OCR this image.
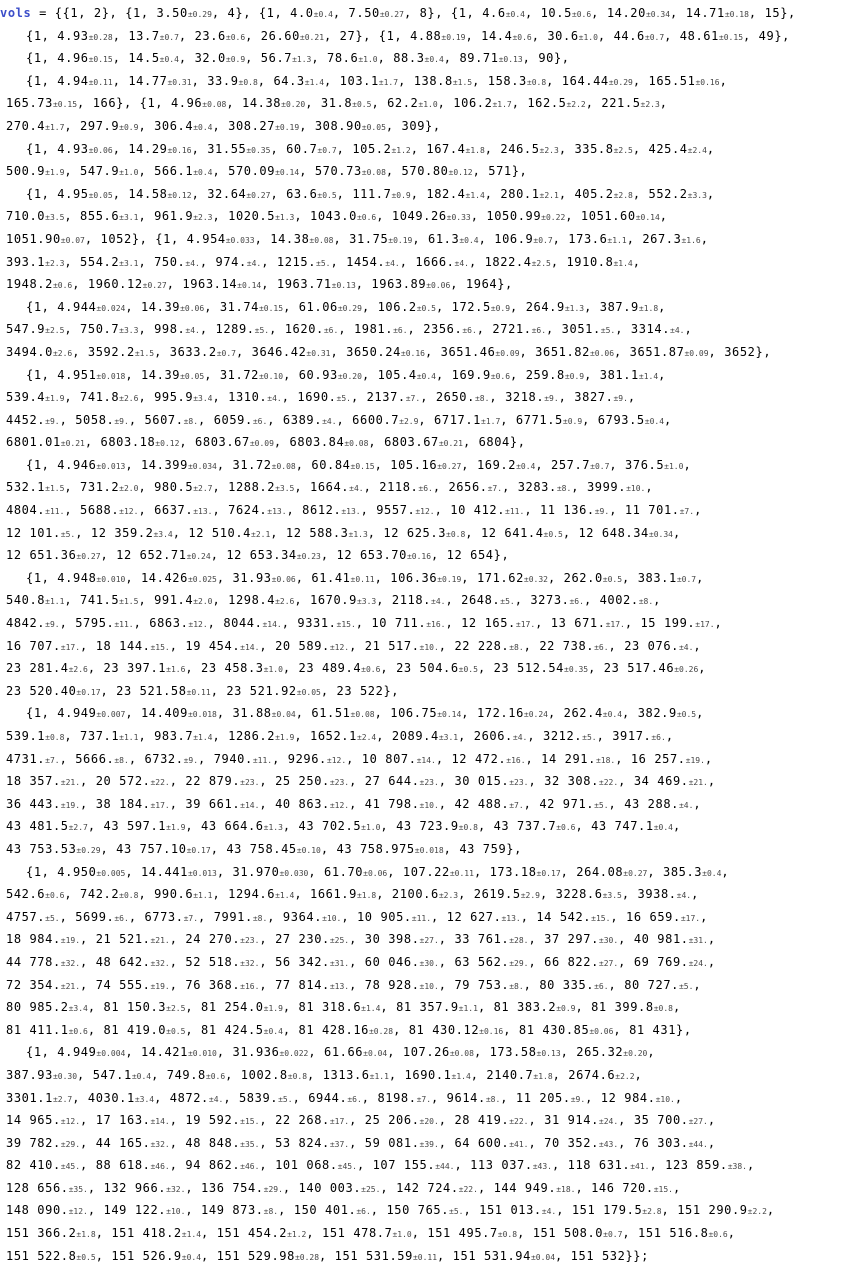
vols = {{1, 2}, {1, 3.50±0.29, 4}, {1, 4.0±0.4, 7.50±0.27, 8}, {1, 4.6±0.4, 10.5±0.6, 14.20±0.34, 14.71±0.18, 15},
{1, 4.93±0.28, 13.7±0.7, 23.6±0.6, 26.60±0.21, 27}, {1, 4.88±0.19, 14.4±0.6, 30.6±1.0, 44.6±0.7, 48.61±0.15, 49},
{1, 4.96±0.15, 14.5±0.4, 32.0±0.9, 56.7±1.3, 78.6±1.0, 88.3±0.4, 89.71±0.13, 90},
{1, 4.94±0.11, 14.77±0.31, 33.9±0.8, 64.3±1.4, 103.1±1.7, 138.8±1.5, 158.3±0.8, 164.44±0.29, 165.51±0.16,
165.73±0.15, 166}, {1, 4.96±0.08, 14.38±0.20, 31.8±0.5, 62.2±1.0, 106.2±1.7, 162.5±2.2, 221.5±2.3,
270.4±1.7, 297.9±0.9, 306.4±0.4, 308.27±0.19, 308.90±0.05, 309},
{1, 4.93±0.06, 14.29±0.16, 31.55±0.35, 60.7±0.7, 105.2±1.2, 167.4±1.8, 246.5±2.3, 335.8±2.5, 425.4±2.4,
500.9±1.9, 547.9±1.0, 566.1±0.4, 570.09±0.14, 570.73±0.08, 570.80±0.12, 571},
{1, 4.95±0.05, 14.58±0.12, 32.64±0.27, 63.6±0.5, 111.7±0.9, 182.4±1.4, 280.1±2.1, 405.2±2.8, 552.2±3.3,
710.0±3.5, 855.6±3.1, 961.9±2.3, 1020.5±1.3, 1043.0±0.6, 1049.26±0.33, 1050.99±0.22, 1051.60±0.14,
1051.90±0.07, 1052}, {1, 4.954±0.033, 14.38±0.08, 31.75±0.19, 61.3±0.4, 106.9±0.7, 173.6±1.1, 267.3±1.6,
393.1±2.3, 554.2±3.1, 750.±4., 974.±4., 1215.±5., 1454.±4., 1666.±4., 1822.4±2.5, 1910.8±1.4,
1948.2±0.6, 1960.12±0.27, 1963.14±0.14, 1963.71±0.13, 1963.89±0.06, 1964},
{1, 4.944±0.024, 14.39±0.06, 31.74±0.15, 61.06±0.29, 106.2±0.5, 172.5±0.9, 264.9±1.3, 387.9±1.8,
547.9±2.5, 750.7±3.3, 998.±4., 1289.±5., 1620.±6., 1981.±6., 2356.±6., 2721.±6., 3051.±5., 3314.±4.,
3494.0±2.6, 3592.2±1.5, 3633.2±0.7, 3646.42±0.31, 3650.24±0.16, 3651.46±0.09, 3651.82±0.06, 3651.87±0.09, 3652},
{1, 4.951±0.018, 14.39±0.05, 31.72±0.10, 60.93±0.20, 105.4±0.4, 169.9±0.6, 259.8±0.9, 381.1±1.4,
539.4±1.9, 741.8±2.6, 995.9±3.4, 1310.±4., 1690.±5., 2137.±7., 2650.±8., 3218.±9., 3827.±9.,
4452.±9., 5058.±9., 5607.±8., 6059.±6., 6389.±4., 6600.7±2.9, 6717.1±1.7, 6771.5±0.9, 6793.5±0.4,
6801.01±0.21, 6803.18±0.12, 6803.67±0.09, 6803.84±0.08, 6803.67±0.21, 6804},
{1, 4.946±0.013, 14.399±0.034, 31.72±0.08, 60.84±0.15, 105.16±0.27, 169.2±0.4, 257.7±0.7, 376.5±1.0,
532.1±1.5, 731.2±2.0, 980.5±2.7, 1288.2±3.5, 1664.±4., 2118.±6., 2656.±7., 3283.±8., 3999.±10.,
4804.±11., 5688.±12., 6637.±13., 7624.±13., 8612.±13., 9557.±12., 10 412.±11., 11 136.±9., 11 701.±7.,
12 101.±5., 12 359.2±3.4, 12 510.4±2.1, 12 588.3±1.3, 12 625.3±0.8, 12 641.4±0.5, 12 648.34±0.34,
12 651.36±0.27, 12 652.71±0.24, 12 653.34±0.23, 12 653.70±0.16, 12 654},
{1, 4.948±0.010, 14.426±0.025, 31.93±0.06, 61.41±0.11, 106.36±0.19, 171.62±0.32, 262.0±0.5, 383.1±0.7,
540.8±1.1, 741.5±1.5, 991.4±2.0, 1298.4±2.6, 1670.9±3.3, 2118.±4., 2648.±5., 3273.±6., 4002.±8.,
4842.±9., 5795.±11., 6863.±12., 8044.±14., 9331.±15., 10 711.±16., 12 165.±17., 13 671.±17., 15 199.±17.,
16 707.±17., 18 144.±15., 19 454.±14., 20 589.±12., 21 517.±10., 22 228.±8., 22 738.±6., 23 076.±4.,
23 281.4±2.6, 23 397.1±1.6, 23 458.3±1.0, 23 489.4±0.6, 23 504.6±0.5, 23 512.54±0.35, 23 517.46±0.26,
23 520.40±0.17, 23 521.58±0.11, 23 521.92±0.05, 23 522},
{1, 4.949±0.007, 14.409±0.018, 31.88±0.04, 61.51±0.08, 106.75±0.14, 172.16±0.24, 262.4±0.4, 382.9±0.5,
539.1±0.8, 737.1±1.1, 983.7±1.4, 1286.2±1.9, 1652.1±2.4, 2089.4±3.1, 2606.±4., 3212.±5., 3917.±6.,
4731.±7., 5666.±8., 6732.±9., 7940.±11., 9296.±12., 10 807.±14., 12 472.±16., 14 291.±18., 16 257.±19.,
18 357.±21., 20 572.±22., 22 879.±23., 25 250.±23., 27 644.±23., 30 015.±23., 32 308.±22., 34 469.±21.,
36 443.±19., 38 184.±17., 39 661.±14., 40 863.±12., 41 798.±10., 42 488.±7., 42 971.±5., 43 288.±4.,
43 481.5±2.7, 43 597.1±1.9, 43 664.6±1.3, 43 702.5±1.0, 43 723.9±0.8, 43 737.7±0.6, 43 747.1±0.4,
43 753.53±0.29, 43 757.10±0.17, 43 758.45±0.10, 43 758.975±0.018, 43 759},
{1, 4.950±0.005, 14.441±0.013, 31.970±0.030, 61.70±0.06, 107.22±0.11, 173.18±0.17, 264.08±0.27, 385.3±0.4,
542.6±0.6, 742.2±0.8, 990.6±1.1, 1294.6±1.4, 1661.9±1.8, 2100.6±2.3, 2619.5±2.9, 3228.6±3.5, 3938.±4.,
4757.±5., 5699.±6., 6773.±7., 7991.±8., 9364.±10., 10 905.±11., 12 627.±13., 14 542.±15., 16 659.±17.,
18 984.±19., 21 521.±21., 24 270.±23., 27 230.±25., 30 398.±27., 33 761.±28., 37 297.±30., 40 981.±31.,
44 778.±32., 48 642.±32., 52 518.±32., 56 342.±31., 60 046.±30., 63 562.±29., 66 822.±27., 69 769.±24.,
72 354.±21., 74 555.±19., 76 368.±16., 77 814.±13., 78 928.±10., 79 753.±8., 80 335.±6., 80 727.±5.,
80 985.2±3.4, 81 150.3±2.5, 81 254.0±1.9, 81 318.6±1.4, 81 357.9±1.1, 81 383.2±0.9, 81 399.8±0.8,
81 411.1±0.6, 81 419.0±0.5, 81 424.5±0.4, 81 428.16±0.28, 81 430.12±0.16, 81 430.85±0.06, 81 431},
{1, 4.949±0.004, 14.421±0.010, 31.936±0.022, 61.66±0.04, 107.26±0.08, 173.58±0.13, 265.32±0.20,
387.93±0.30, 547.1±0.4, 749.8±0.6, 1002.8±0.8, 1313.6±1.1, 1690.1±1.4, 2140.7±1.8, 2674.6±2.2,
3301.1±2.7, 4030.1±3.4, 4872.±4., 5839.±5., 6944.±6., 8198.±7., 9614.±8., 11 205.±9., 12 984.±10.,
14 965.±12., 17 163.±14., 19 592.±15., 22 268.±17., 25 206.±20., 28 419.±22., 31 914.±24., 35 700.±27.,
39 782.±29., 44 165.±32., 48 848.±35., 53 824.±37., 59 081.±39., 64 600.±41., 70 352.±43., 76 303.±44.,
82 410.±45., 88 618.±46., 94 862.±46., 101 068.±45., 107 155.±44., 113 037.±43., 118 631.±41., 123 859.±38.,
128 656.±35., 132 966.±32., 136 754.±29., 140 003.±25., 142 724.±22., 144 949.±18., 146 720.±15.,
148 090.±12., 149 122.±10., 149 873.±8., 150 401.±6., 150 765.±5., 151 013.±4., 151 179.5±2.8, 151 290.9±2.2,
151 366.2±1.8, 151 418.2±1.4, 151 454.2±1.2, 151 478.7±1.0, 151 495.7±0.8, 151 508.0±0.7, 151 516.8±0.6,
151 522.8±0.5, 151 526.9±0.4, 151 529.98±0.28, 151 531.59±0.11, 151 531.94±0.04, 151 532}};
